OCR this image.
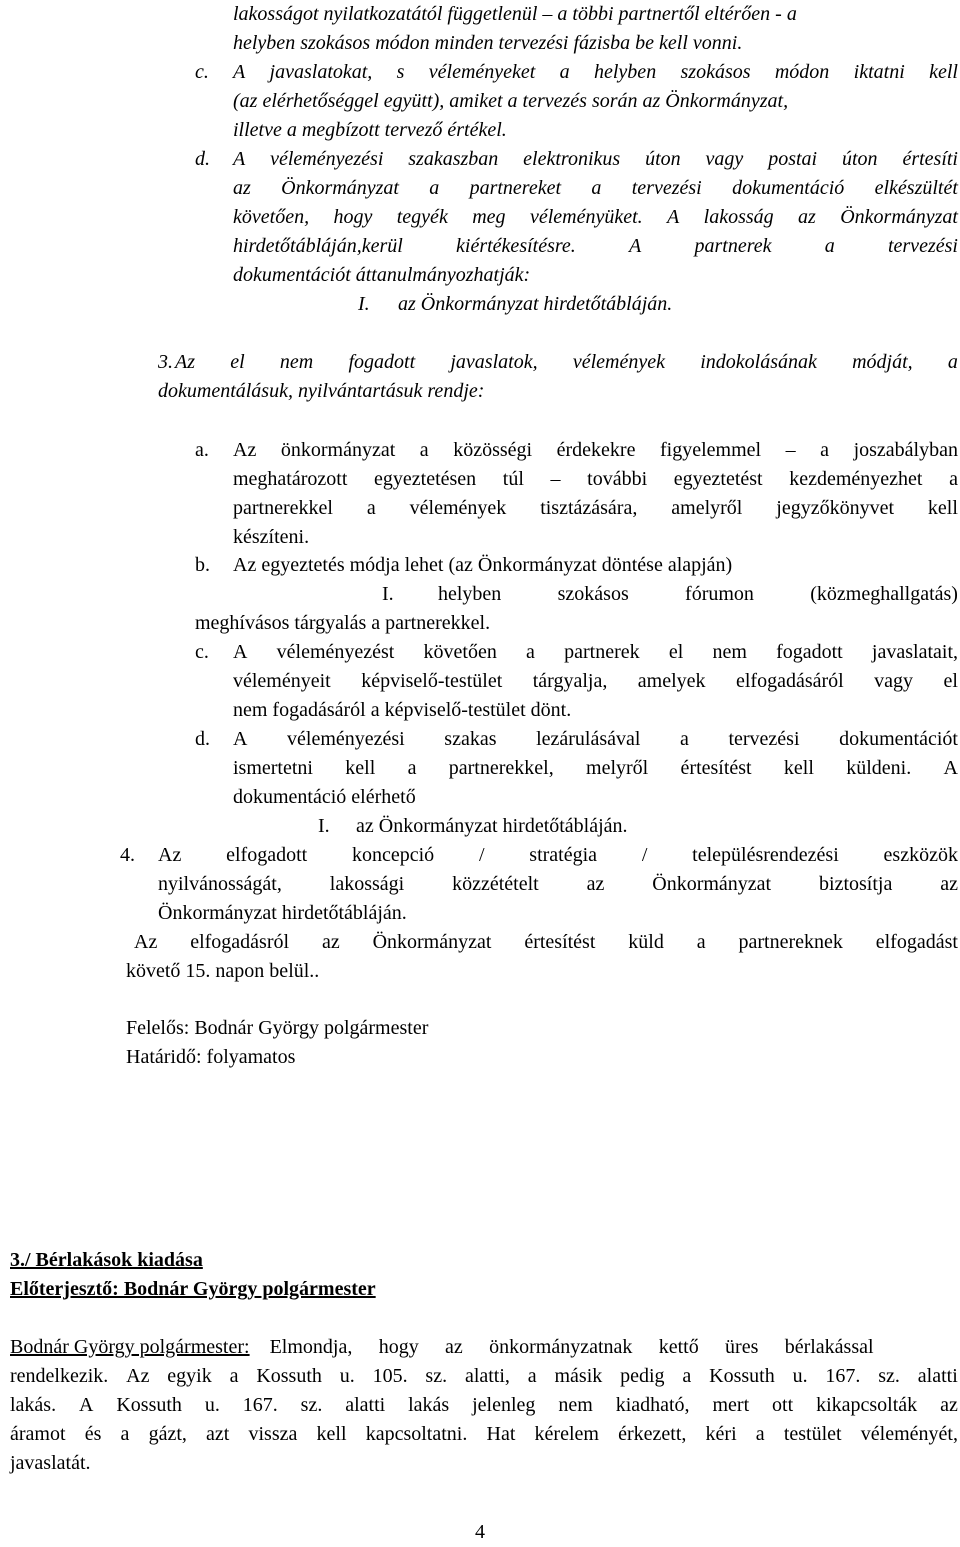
lakosságot nyilatkozatától függetlenül – a többi partnertől eltérően - a
helyben szokásos módon minden tervezési fázisba be kell vonni.
c. A javaslatokat, s véleményeket a helyben szokásos módon iktatni kell
(az elérhetőséggel együtt), amiket a tervezés során az Önkormányzat,
illetve a megbízott tervező értékel.
d. A véleményezési szakaszban elektronikus úton vagy postai úton értesíti
az Önkormányzat a partnereket a tervezési dokumentáció elkészültét
követően, hogy tegyék meg véleményüket. A lakosság az Önkormányzat
hirdetőtábláján,kerül	kiértékesítésre.	A	partnerek	a	tervezési
dokumentációt áttanulmányozhatják:
I. az Önkormányzat hirdetőtábláján.
3. Az el nem fogadott javaslatok, vélemények indokolásának módját, a
dokumentálásuk, nyilvántartásuk rendje:
a. Az önkormányzat a közösségi érdekekre figyelemmel – a joszabályban
meghatározott egyeztetésen túl – további egyeztetést kezdeményezhet a
partnerekkel a vélemények tisztázására, amelyről jegyzőkönyvet kell
készíteni.
b. Az egyeztetés módja lehet (az Önkormányzat döntése alapján)
I. helyben	szokásos	fórumon	(közmeghallgatás)
meghívásos tárgyalás a partnerekkel.
c. A véleményezést követően a partnerek el nem fogadott javaslatait,
véleményeit képviselő-testület tárgyalja, amelyek elfogadásáról vagy el
nem fogadásáról a képviselő-testület dönt.
d. A véleményezési szakas lezárulásával a tervezési dokumentációt
ismertetni kell a partnerekkel, melyről értesítést kell küldeni. A
dokumentáció elérhető
I. az Önkormányzat hirdetőtábláján.
4. Az elfogadott koncepció / stratégia / településrendezési eszközök
nyilvánosságát, lakossági közzétételt az Önkormányzat biztosítja az
Önkormányzat hirdetőtábláján.
Az elfogadásról az Önkormányzat értesítést küld a partnereknek elfogadást
követő 15. napon belül..
Felelős: Bodnár György polgármester
Határidő: folyamatos
3./ Bérlakások kiadása
Előterjesztő: Bodnár György polgármester
Bodnár György polgármester: Elmondja, hogy az önkormányzatnak kettő üres bérlakással
rendelkezik. Az egyik a Kossuth u. 105. sz. alatti, a másik pedig a Kossuth u. 167. sz. alatti
lakás. A Kossuth u. 167. sz. alatti lakás jelenleg nem kiadható, mert ott kikapcsolták az
áramot és a gázt, azt vissza kell kapcsoltatni. Hat kérelem érkezett, kéri a testület véleményét,
javaslatát.
4
